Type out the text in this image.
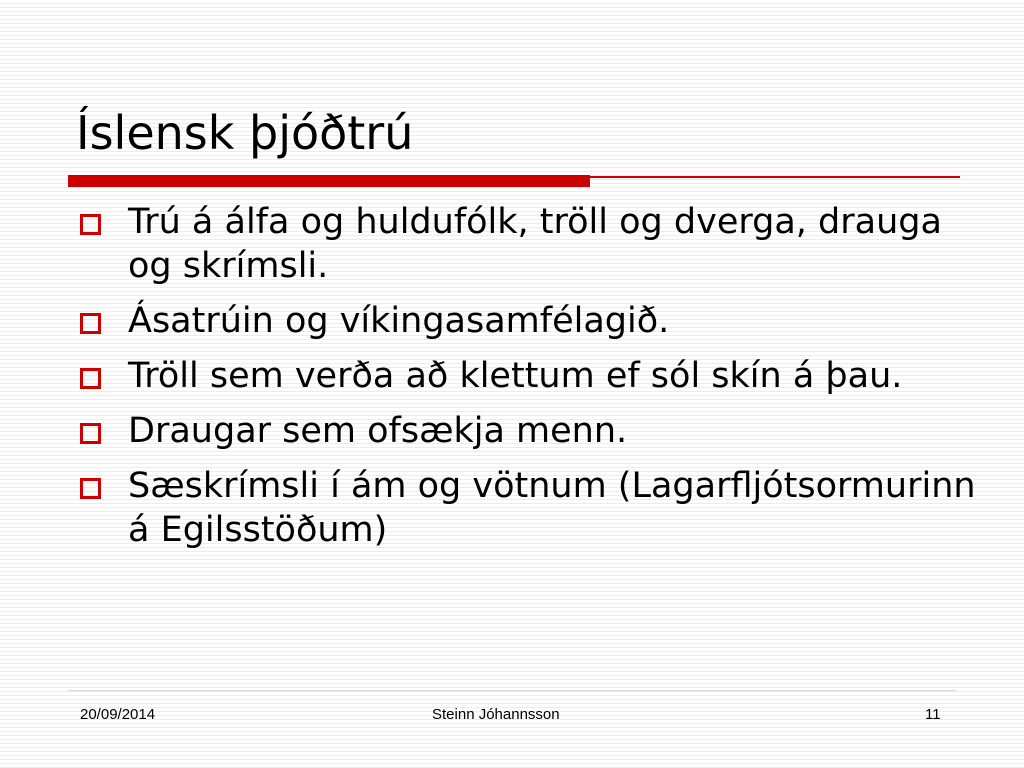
Íslensk þjóðtrú
Trú á álfa og huldufólk, tröll og dverga, drauga og skrímsli.
Ásatrúin og víkingasamfélagið.
Tröll sem verða að klettum ef sól skín á þau.
Draugar sem ofsækja menn.
Sæskrímsli í ám og vötnum (Lagarfljótsormurinn á Egilsstöðum)
20/09/2014	Steinn Jóhannsson	11
